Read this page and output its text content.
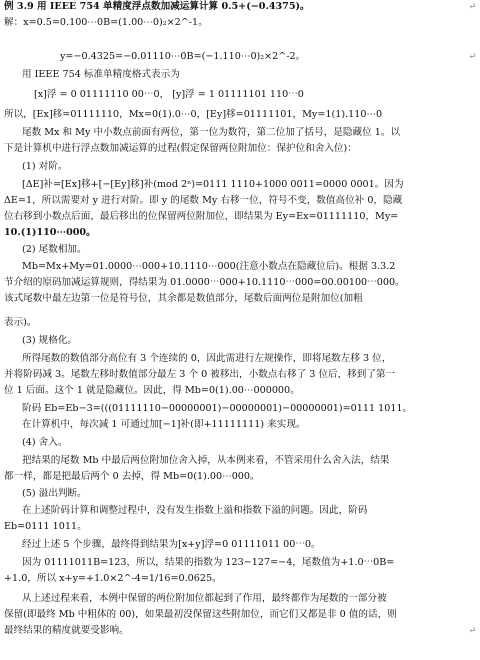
例 3.9 用 IEEE 754 单精度浮点数加减运算计算 0.5+(−0.4375)。	↵
解：x=0.5=0.100⋯0B=(1.00⋯0)₂×2^-1。
y=−0.4325=−0.01110⋯0B=(−1.110⋯0)₂×2^-2。	↵
用 IEEE 754 标准单精度格式表示为
[x]浮 = 0 01111110 00⋯0， [y]浮 = 1 01111101 110⋯0
所以，[Ex]移=01111110，Mx=0(1).0⋯0，[Ey]移=01111101，My=1(1).110⋯0
尾数 Mx 和 My 中小数点前面有两位，第一位为数符，第二位加了括号，是隐藏位 1。以
下是计算机中进行浮点数加减运算的过程(假定保留两位附加位：保护位和舍入位)：
(1) 对阶。
[ΔE]补=[Ex]移+[−[Ey]移]补(mod 2ⁿ)=0111 1110+1000 0011=0000 0001。因为
ΔE=1，所以需要对 y 进行对阶。即 y 的尾数 My 右移一位，符号不变，数值高位补 0，隐藏
位右移到小数点后面，最后移出的位保留两位附加位，即结果为 Ey=Ex=01111110，My=
10.(1)110⋯000。
(2) 尾数相加。
Mb=Mx+My=01.0000⋯000+10.1110⋯000(注意小数点在隐藏位后)。根据 3.3.2
节介绍的原码加减运算规则，得结果为 01.0000⋯000+10.1110⋯000=00.00100⋯000。
该式尾数中最左边第一位是符号位，其余都是数值部分，尾数后面两位是附加位(加粗
表示)。
(3) 规格化。
所得尾数的数值部分高位有 3 个连续的 0，因此需进行左规操作，即将尾数左移 3 位，
并将阶码减 3。尾数左移时数值部分最左 3 个 0 被移出，小数点右移了 3 位后，移到了第一
位 1 后面。这个 1 就是隐藏位。因此，得 Mb=0(1).00⋯000000。
阶码 Eb=Eb−3=(((01111110−00000001)−00000001)−00000001)=0111 1011。
在计算机中，每次减 1 可通过加[−1]补(即+11111111) 来实现。
(4) 舍入。
把结果的尾数 Mb 中最后两位附加位舍入掉，从本例来看，不管采用什么舍入法，结果
都一样，都是把最后两个 0 去掉，得 Mb=0(1).00⋯000。
(5) 溢出判断。
在上述阶码计算和调整过程中，没有发生指数上溢和指数下溢的问题。因此，阶码
Eb=0111 1011。
经过上述 5 个步骤，最终得到结果为[x+y]浮=0 01111011 00⋯0。
因为 01111011B=123，所以，结果的指数为 123−127=−4，尾数值为+1.0⋯0B=
+1.0，所以 x+y=+1.0×2^-4=1/16=0.0625。
从上述过程来看，本例中保留的两位附加位都起到了作用，最终都作为尾数的一部分被
保留(即最终 Mb 中粗体的 00)，如果最初没保留这些附加位，而它们又都是非 0 值的话，则
最终结果的精度就要受影响。	↵
